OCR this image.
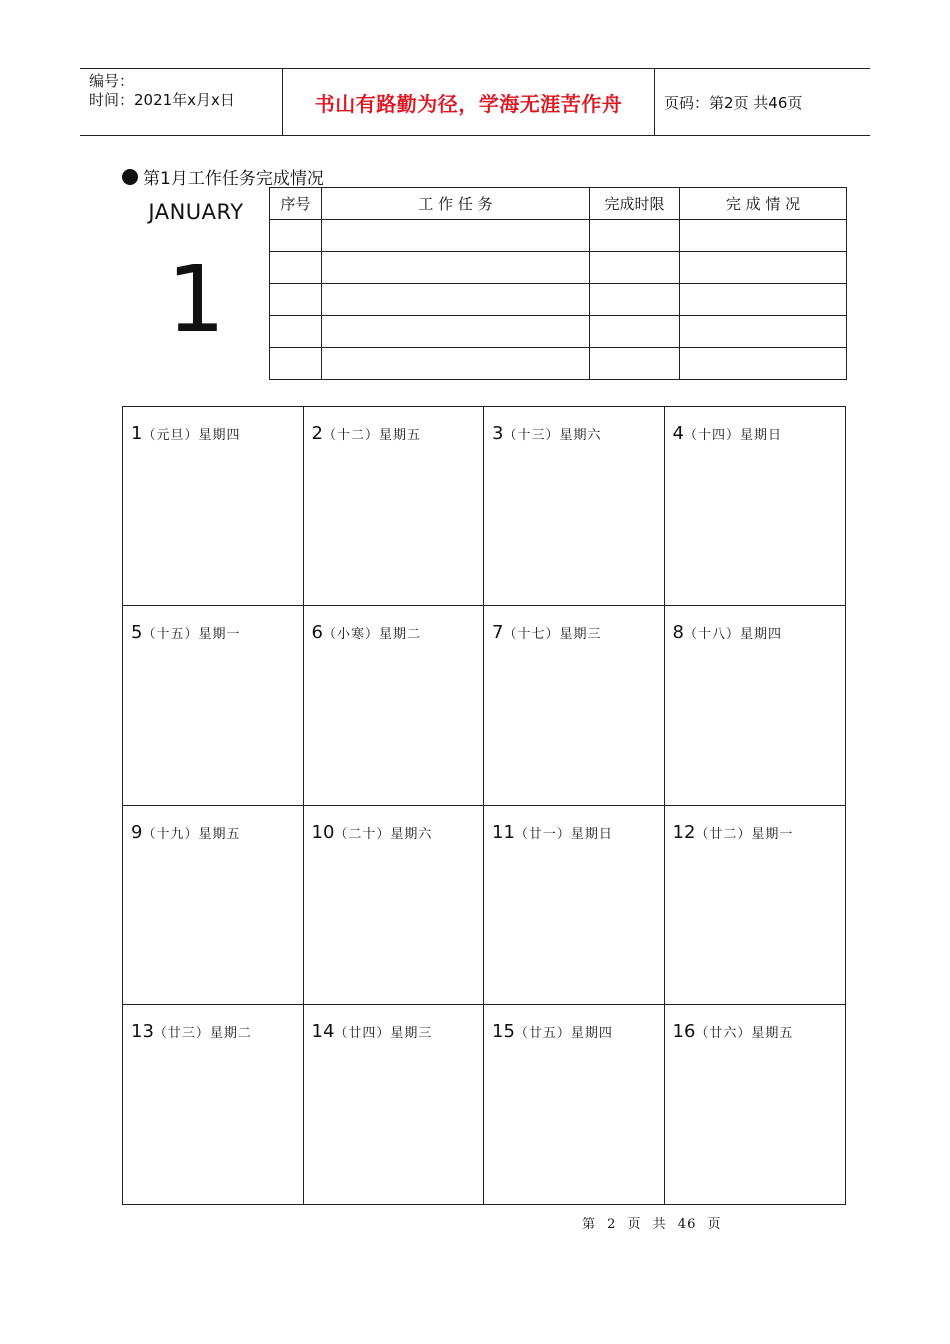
编号：
时间：2021年x月x日	书山有路勤为径，学海无涯苦作舟	页码：第2页 共46页
第1月工作任务完成情况
JANUARY
1
序号	工 作 任 务	完成时限	完 成 情 况

1（元旦）星期四	2（十二）星期五	3（十三）星期六	4（十四）星期日
5（十五）星期一	6（小寒）星期二	7（十七）星期三	8（十八）星期四
9（十九）星期五	10（二十）星期六	11（廿一）星期日	12（廿二）星期一
13（廿三）星期二	14（廿四）星期三	15（廿五）星期四	16（廿六）星期五
第 2 页 共 46 页
